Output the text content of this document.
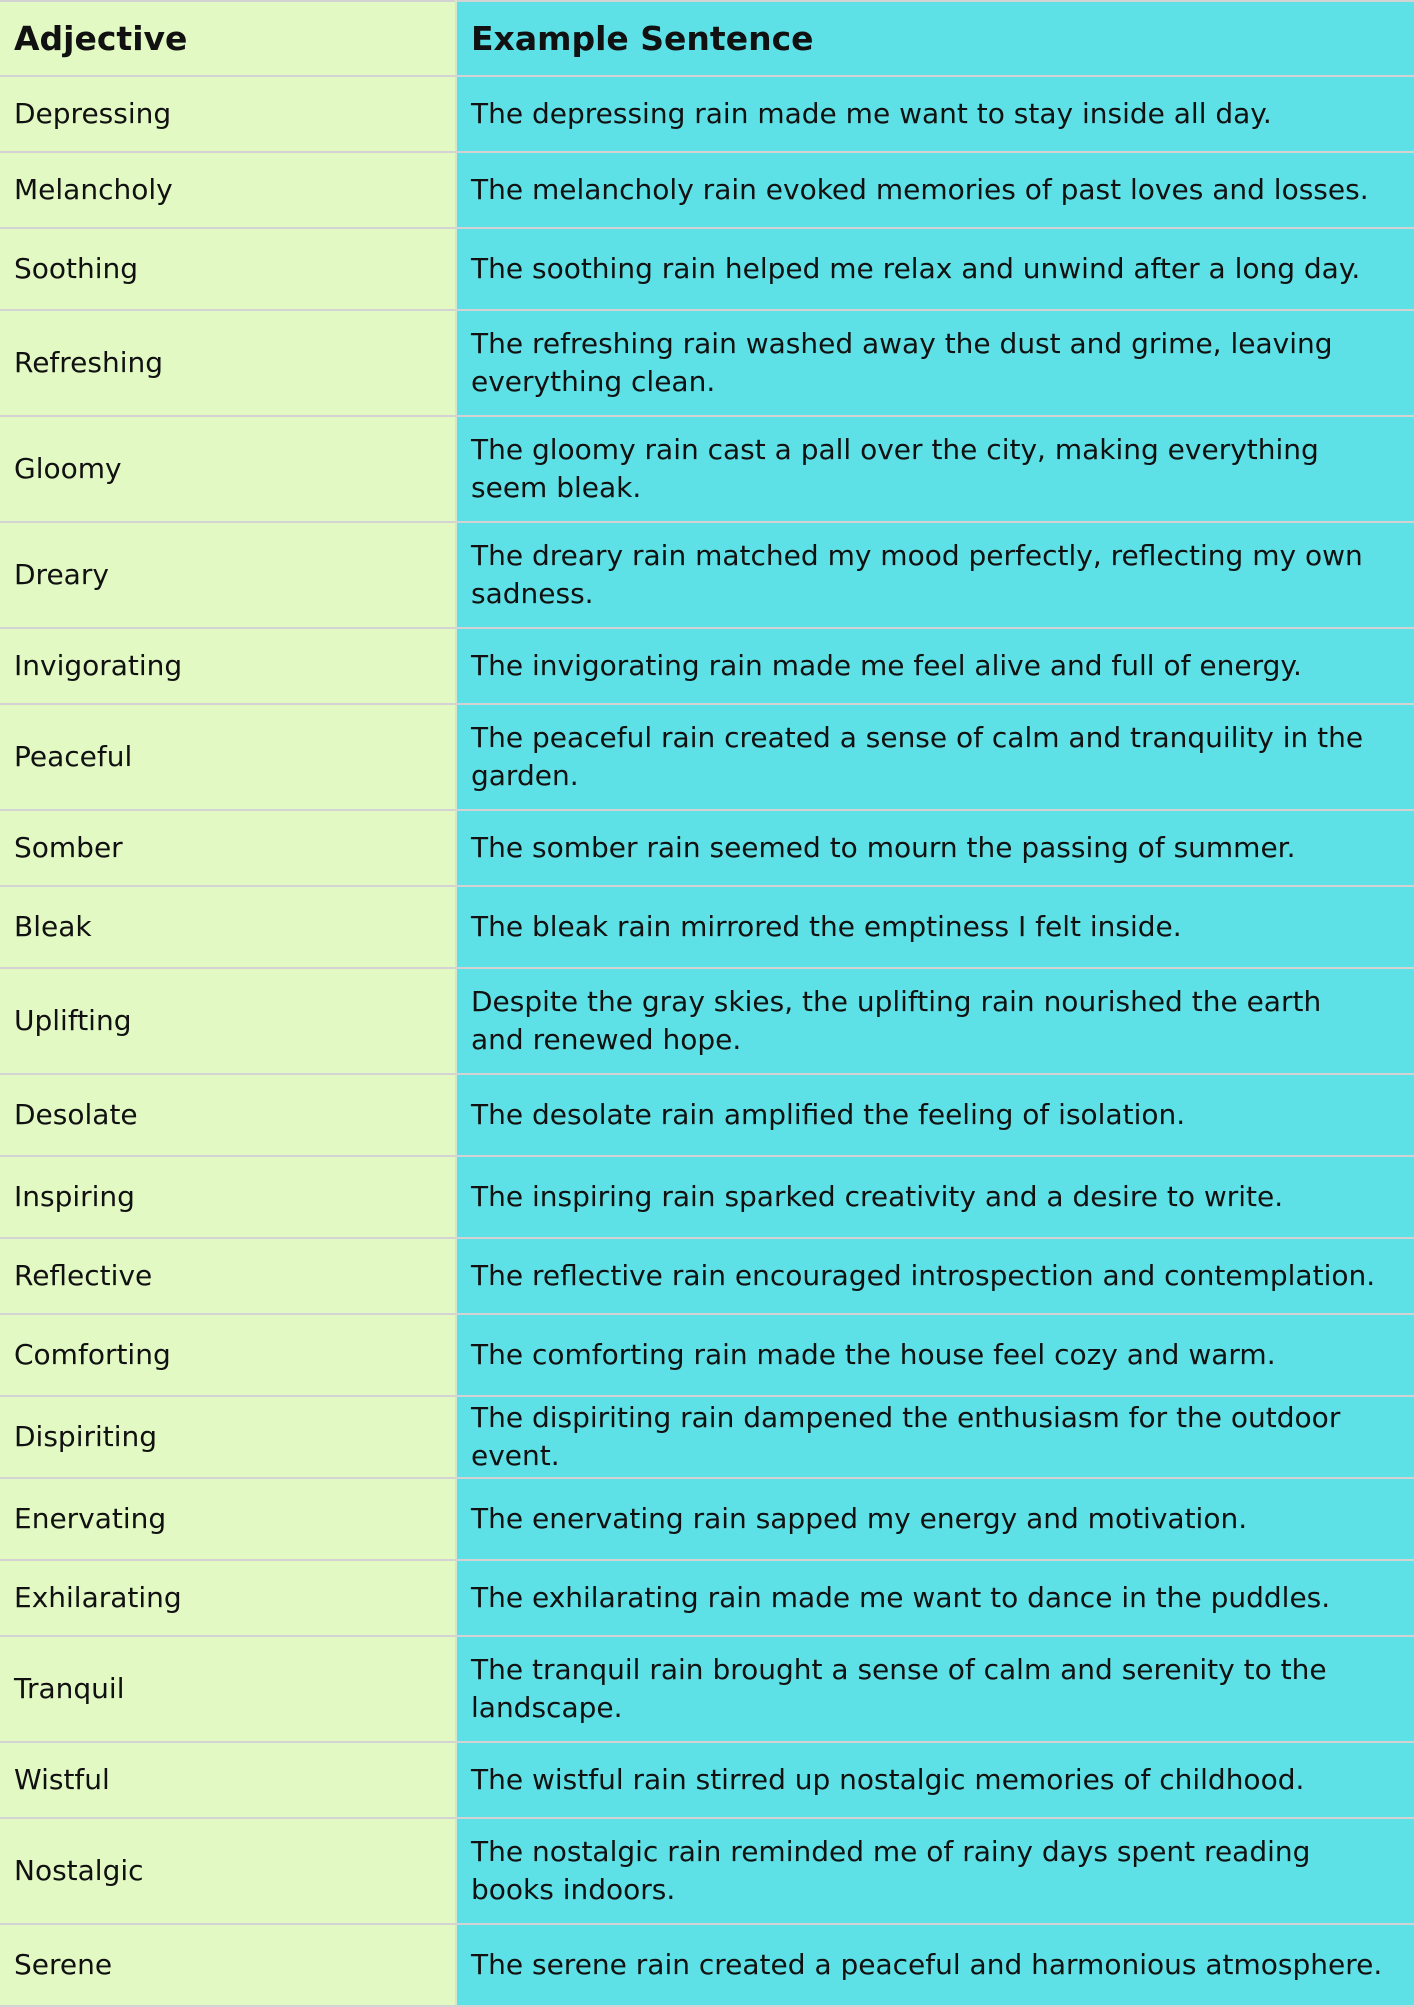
Adjective	Example Sentence
Depressing	The depressing rain made me want to stay inside all day.
Melancholy	The melancholy rain evoked memories of past loves and losses.
Soothing	The soothing rain helped me relax and unwind after a long day.
Refreshing	The refreshing rain washed away the dust and grime, leaving everything clean.
Gloomy	The gloomy rain cast a pall over the city, making everything seem bleak.
Dreary	The dreary rain matched my mood perfectly, reflecting my own sadness.
Invigorating	The invigorating rain made me feel alive and full of energy.
Peaceful	The peaceful rain created a sense of calm and tranquility in the garden.
Somber	The somber rain seemed to mourn the passing of summer.
Bleak	The bleak rain mirrored the emptiness I felt inside.
Uplifting	Despite the gray skies, the uplifting rain nourished the earth and renewed hope.
Desolate	The desolate rain amplified the feeling of isolation.
Inspiring	The inspiring rain sparked creativity and a desire to write.
Reflective	The reflective rain encouraged introspection and contemplation.
Comforting	The comforting rain made the house feel cozy and warm.
Dispiriting	The dispiriting rain dampened the enthusiasm for the outdoor event.
Enervating	The enervating rain sapped my energy and motivation.
Exhilarating	The exhilarating rain made me want to dance in the puddles.
Tranquil	The tranquil rain brought a sense of calm and serenity to the landscape.
Wistful	The wistful rain stirred up nostalgic memories of childhood.
Nostalgic	The nostalgic rain reminded me of rainy days spent reading books indoors.
Serene	The serene rain created a peaceful and harmonious atmosphere.
